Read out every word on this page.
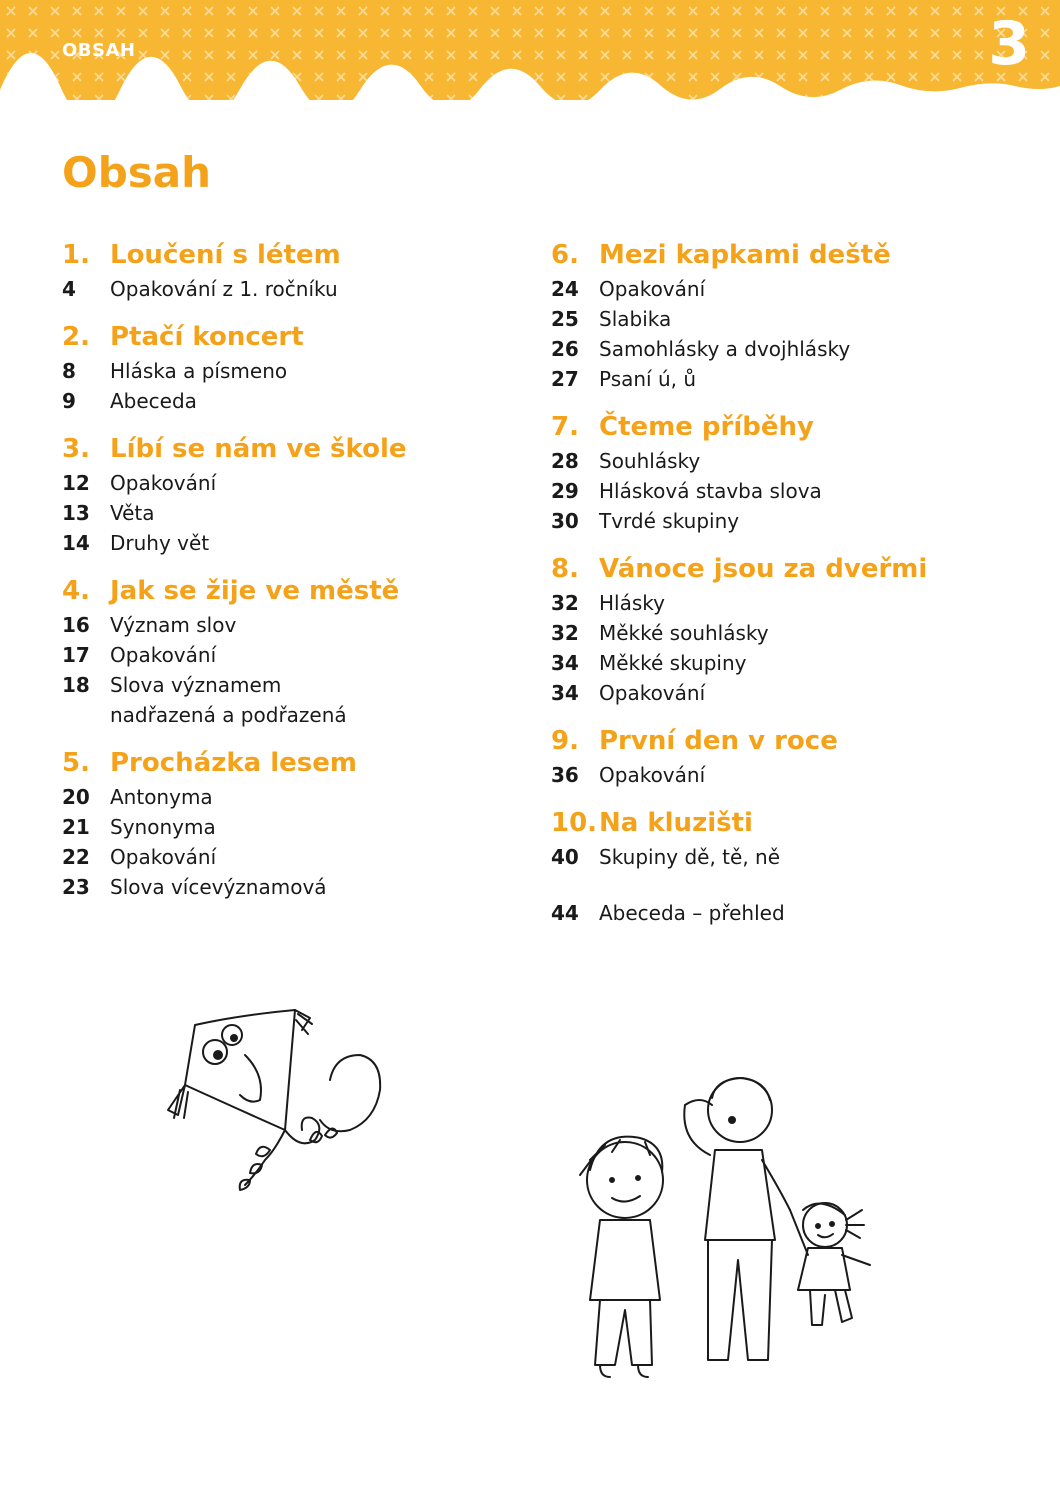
OBSAH	3
Obsah
1. Loučení s létem
4	Opakování z 1. ročníku
2. Ptačí koncert
8	Hláska a písmeno
9	Abeceda
3. Líbí se nám ve škole
12	Opakování
13	Věta
14	Druhy vět
4. Jak se žije ve městě
16	Význam slov
17	Opakování
18	Slova významem
nadřazená a podřazená
5. Procházka lesem
20	Antonyma
21	Synonyma
22	Opakování
23	Slova vícevýznamová
6. Mezi kapkami deště
24	Opakování
25	Slabika
26	Samohlásky a dvojhlásky
27	Psaní ú, ů
7. Čteme příběhy
28	Souhlásky
29	Hlásková stavba slova
30	Tvrdé skupiny
8. Vánoce jsou za dveřmi
32	Hlásky
32	Měkké souhlásky
34	Měkké skupiny
34	Opakování
9. První den v roce
36	Opakování
10. Na kluzišti
40	Skupiny dě, tě, ně
44	Abeceda – přehled
